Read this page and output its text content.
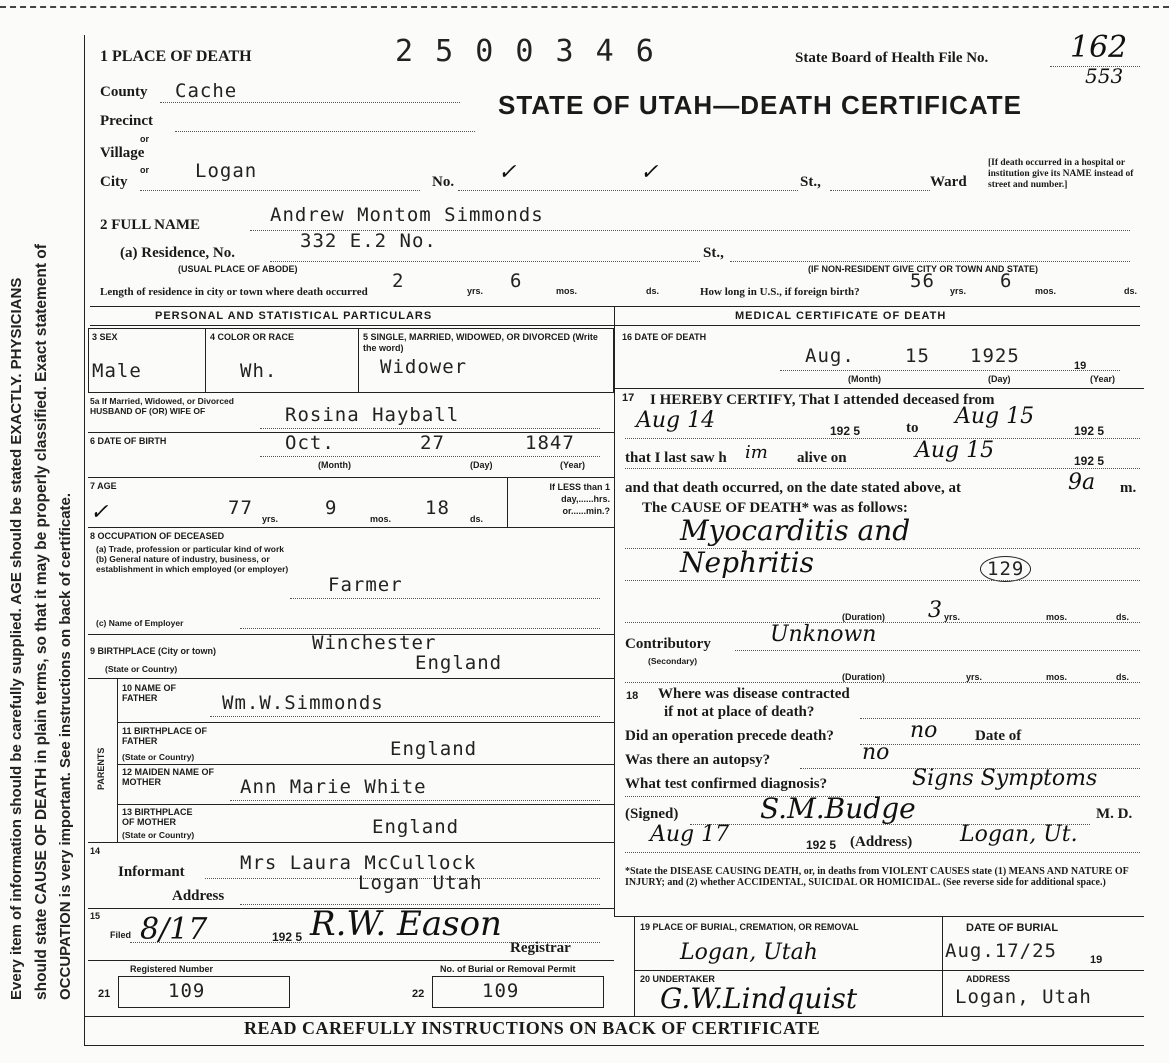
Every item of information should be carefully supplied. AGE should be stated EXACTLY. PHYSICIANS should state CAUSE OF DEATH in plain terms, so that it may be properly classified. Exact statement of OCCUPATION is very important. See instructions on back of certificate.
1 PLACE OF DEATH	2 5 0 0 3 4 6	State Board of Health File No.	162
553
STATE OF UTAH—DEATH CERTIFICATE
County Cache
Precinct
or
Village
or
City	Logan	No. ✓	✓	St.,	Ward
[If death occurred in a hospital or institution give its NAME instead of street and number.]
2 FULL NAME	Andrew Montom Simmonds
(a) Residence, No.
332 E.2 No.
St.,
(USUAL PLACE OF ABODE)	(IF NON-RESIDENT GIVE CITY OR TOWN AND STATE)
Length of residence in city or town where death occurred 2	yrs. 6	mos.	ds.	How long in U.S., if foreign birth?	56 yrs. 6	mos.	ds.
PERSONAL AND STATISTICAL PARTICULARS	MEDICAL CERTIFICATE OF DEATH
3 SEX
Male
4 COLOR OR RACE
Wh.
5 SINGLE, MARRIED, WIDOWED, OR DIVORCED (Write the word)
Widower
5a If Married, Widowed, or Divorced HUSBAND OF (OR) WIFE OF	Rosina Hayball
6 DATE OF BIRTH	Oct.	27	1847
(Month)	(Day)	(Year)
7 AGE
✓	77 yrs. 9	mos. 18 ds.
If LESS than 1 day,......hrs. or......min.?
8 OCCUPATION OF DECEASED
(a) Trade, profession or particular kind of work (b) General nature of industry, business, or establishment in which employed (or employer)
Farmer
(c) Name of Employer
9 BIRTHPLACE (City or town)	Winchester
(State or Country)	England
PARENTS
10 NAME OF FATHER	Wm.W.Simmonds
11 BIRTHPLACE OF FATHER
(State or Country)	England
12 MAIDEN NAME OF MOTHER	Ann Marie White
13 BIRTHPLACE OF MOTHER
(State or Country)	England
14
Informant	Mrs Laura McCullock
Address
Logan Utah
15
Filed 8/17	192 5 R.W. Eason
Registrar
Registered Number	No. of Burial or Removal Permit
21	109	22	109
16 DATE OF DEATH
Aug.	15 1925	19
(Month)	(Day)	(Year)
17 I HEREBY CERTIFY, That I attended deceased from
Aug 14	192 5	to Aug 15
192 5
that I last saw h im alive on	Aug 15	192 5
and that death occurred, on the date stated above, at	9a m.
The CAUSE OF DEATH* was as follows:
Myocarditis and
Nephritis	129
(Duration) 3 yrs.	mos.	ds.
Contributory	Unknown
(Secondary)
(Duration)	yrs.	mos.	ds.
18 Where was disease contracted
if not at place of death?
Did an operation precede death?	no	Date of
Was there an autopsy?	no
What test confirmed diagnosis?	Signs Symptoms
(Signed)	S.M.Budge	M. D.
Aug 17	192 5 (Address) Logan, Ut.
*State the DISEASE CAUSING DEATH, or, in deaths from VIOLENT CAUSES state (1) MEANS AND NATURE OF INJURY; and (2) whether ACCIDENTAL, SUICIDAL OR HOMICIDAL. (See reverse side for additional space.)
19 PLACE OF BURIAL, CREMATION, OR REMOVAL
Logan, Utah
DATE OF BURIAL
Aug.17/25	19
20 UNDERTAKER
G.W.Lindquist
ADDRESS
Logan, Utah
READ CAREFULLY INSTRUCTIONS ON BACK OF CERTIFICATE
